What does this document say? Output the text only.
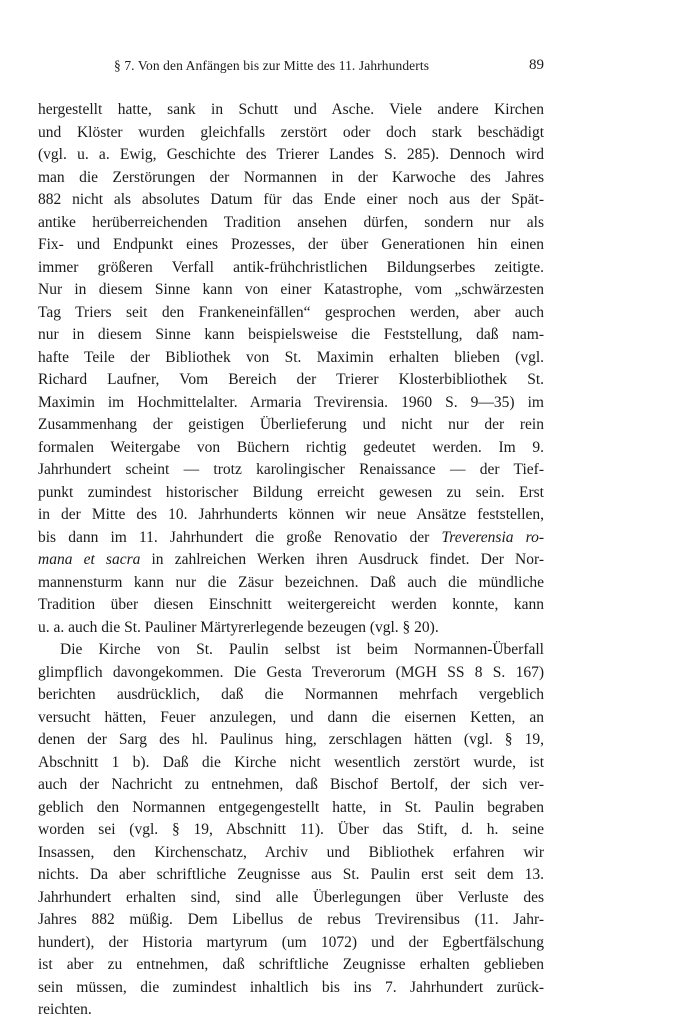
§ 7. Von den Anfängen bis zur Mitte des 11. Jahrhunderts	89
hergestellt hatte, sank in Schutt und Asche. Viele andere Kirchen
und Klöster wurden gleichfalls zerstört oder doch stark beschädigt
(vgl. u. a. Ewig, Geschichte des Trierer Landes S. 285). Dennoch wird
man die Zerstörungen der Normannen in der Karwoche des Jahres
882 nicht als absolutes Datum für das Ende einer noch aus der Spät-
antike herüberreichenden Tradition ansehen dürfen, sondern nur als
Fix- und Endpunkt eines Prozesses, der über Generationen hin einen
immer größeren Verfall antik-frühchristlichen Bildungserbes zeitigte.
Nur in diesem Sinne kann von einer Katastrophe, vom „schwärzesten
Tag Triers seit den Frankeneinfällen“ gesprochen werden, aber auch
nur in diesem Sinne kann beispielsweise die Feststellung, daß nam-
hafte Teile der Bibliothek von St. Maximin erhalten blieben (vgl.
Richard Laufner, Vom Bereich der Trierer Klosterbibliothek St.
Maximin im Hochmittelalter. Armaria Trevirensia. 1960 S. 9—35) im
Zusammenhang der geistigen Überlieferung und nicht nur der rein
formalen Weitergabe von Büchern richtig gedeutet werden. Im 9.
Jahrhundert scheint — trotz karolingischer Renaissance — der Tief-
punkt zumindest historischer Bildung erreicht gewesen zu sein. Erst
in der Mitte des 10. Jahrhunderts können wir neue Ansätze feststellen,
bis dann im 11. Jahrhundert die große Renovatio der Treverensia ro-
mana et sacra in zahlreichen Werken ihren Ausdruck findet. Der Nor-
mannensturm kann nur die Zäsur bezeichnen. Daß auch die mündliche
Tradition über diesen Einschnitt weitergereicht werden konnte, kann
u. a. auch die St. Pauliner Märtyrerlegende bezeugen (vgl. § 20).
Die Kirche von St. Paulin selbst ist beim Normannen-Überfall
glimpflich davongekommen. Die Gesta Treverorum (MGH SS 8 S. 167)
berichten ausdrücklich, daß die Normannen mehrfach vergeblich
versucht hätten, Feuer anzulegen, und dann die eisernen Ketten, an
denen der Sarg des hl. Paulinus hing, zerschlagen hätten (vgl. § 19,
Abschnitt 1 b). Daß die Kirche nicht wesentlich zerstört wurde, ist
auch der Nachricht zu entnehmen, daß Bischof Bertolf, der sich ver-
geblich den Normannen entgegengestellt hatte, in St. Paulin begraben
worden sei (vgl. § 19, Abschnitt 11). Über das Stift, d. h. seine
Insassen, den Kirchenschatz, Archiv und Bibliothek erfahren wir
nichts. Da aber schriftliche Zeugnisse aus St. Paulin erst seit dem 13.
Jahrhundert erhalten sind, sind alle Überlegungen über Verluste des
Jahres 882 müßig. Dem Libellus de rebus Trevirensibus (11. Jahr-
hundert), der Historia martyrum (um 1072) und der Egbertfälschung
ist aber zu entnehmen, daß schriftliche Zeugnisse erhalten geblieben
sein müssen, die zumindest inhaltlich bis ins 7. Jahrhundert zurück-
reichten.
